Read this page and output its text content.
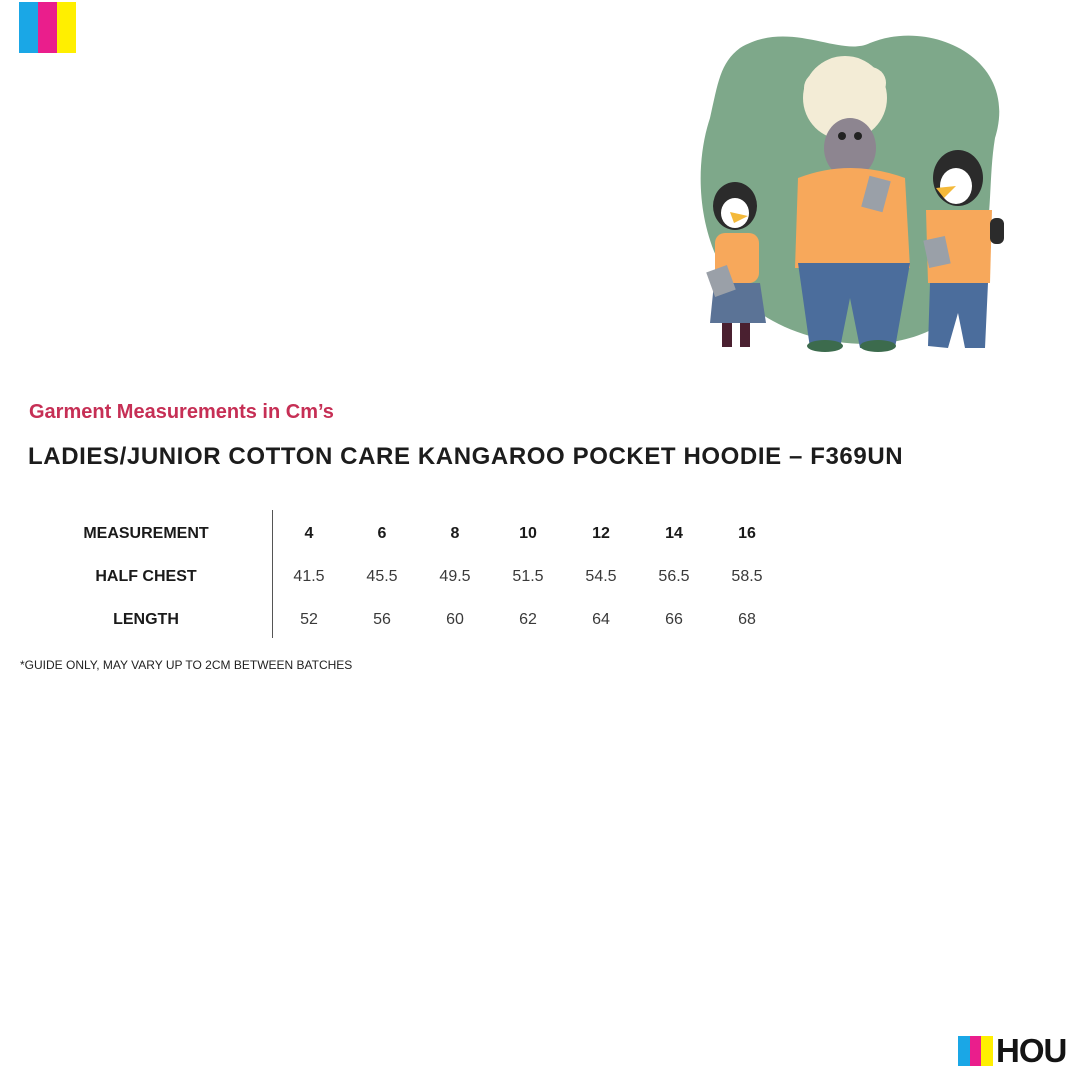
Garment Measurements in Cm’s
LADIES/JUNIOR COTTON CARE KANGAROO POCKET HOODIE – F369UN
MEASUREMENT	4	6	8	10	12	14	16
HALF CHEST	41.5	45.5	49.5	51.5	54.5	56.5	58.5
LENGTH	52	56	60	62	64	66	68
*GUIDE ONLY, MAY VARY UP TO 2CM BETWEEN BATCHES
HOU
